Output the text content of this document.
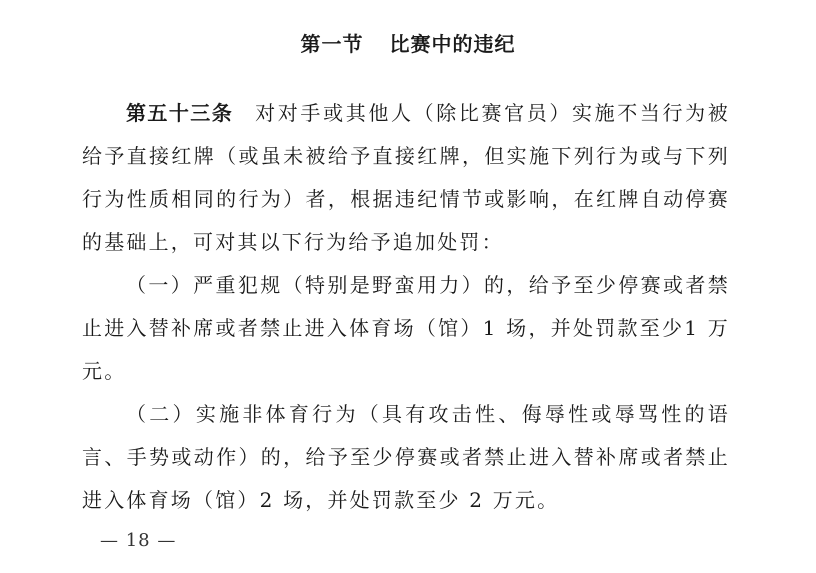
第一节 比赛中的违纪

第五十三条 对对手或其他人（除比赛官员）实施不当行为被给予直接红牌（或虽未被给予直接红牌，但实施下列行为或与下列行为性质相同的行为）者，根据违纪情节或影响，在红牌自动停赛的基础上，可对其以下行为给予追加处罚：

（一）严重犯规（特别是野蛮用力）的，给予至少停赛或者禁止进入替补席或者禁止进入体育场（馆）1 场，并处罚款至少1 万元。

（二）实施非体育行为（具有攻击性、侮辱性或辱骂性的语言、手势或动作）的，给予至少停赛或者禁止进入替补席或者禁止进入体育场（馆）2 场，并处罚款至少 2 万元。

— 18 —
